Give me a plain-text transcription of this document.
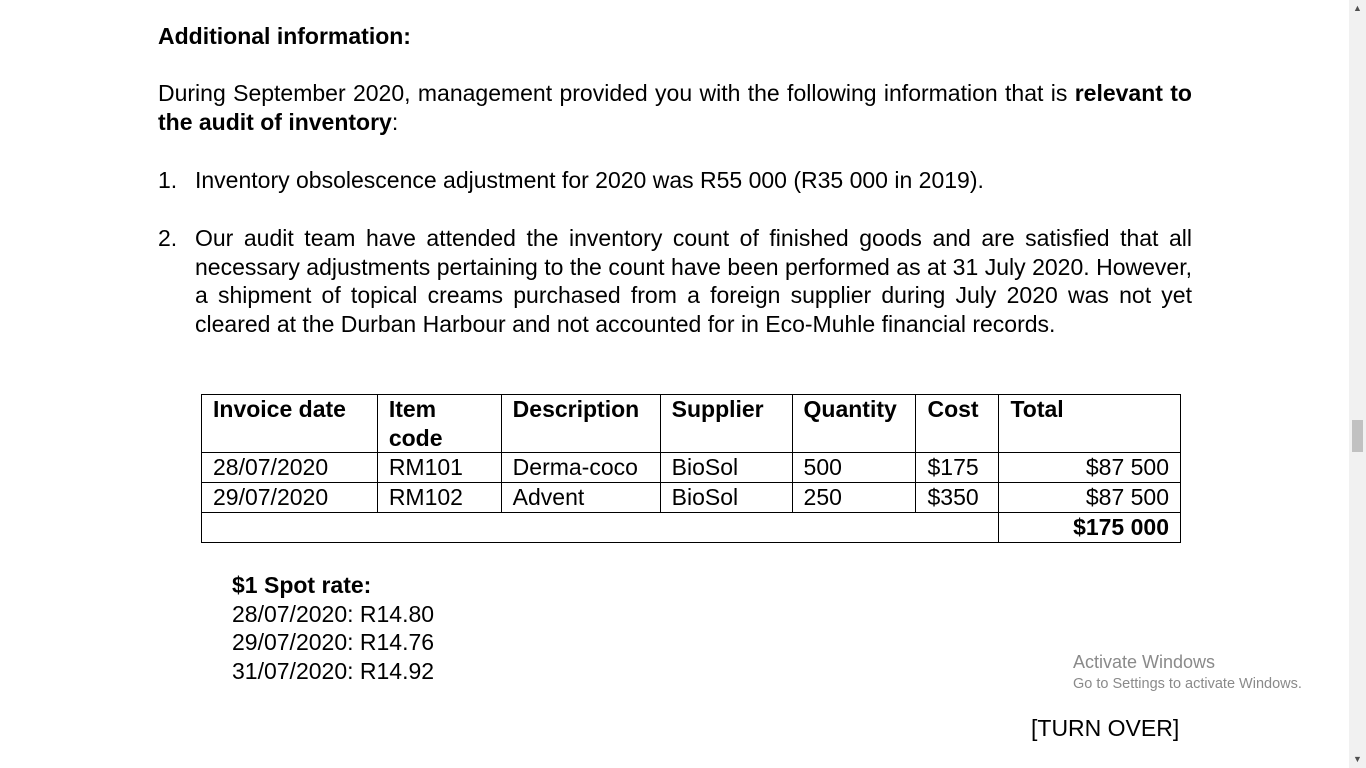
Additional information:
During September 2020, management provided you with the following information that is relevant to the audit of inventory:
1. Inventory obsolescence adjustment for 2020 was R55 000 (R35 000 in 2019).
2. Our audit team have attended the inventory count of finished goods and are satisfied that all necessary adjustments pertaining to the count have been performed as at 31 July 2020. However, a shipment of topical creams purchased from a foreign supplier during July 2020 was not yet cleared at the Durban Harbour and not accounted for in Eco-Muhle financial records.
Invoice date	Item code	Description	Supplier	Quantity	Cost	Total
28/07/2020	RM101	Derma-coco	BioSol	500	$175	$87 500
29/07/2020	RM102	Advent	BioSol	250	$350	$87 500
						$175 000
$1 Spot rate:
28/07/2020: R14.80
29/07/2020: R14.76
31/07/2020: R14.92
[TURN OVER]
Activate Windows
Go to Settings to activate Windows.
▲
▼
